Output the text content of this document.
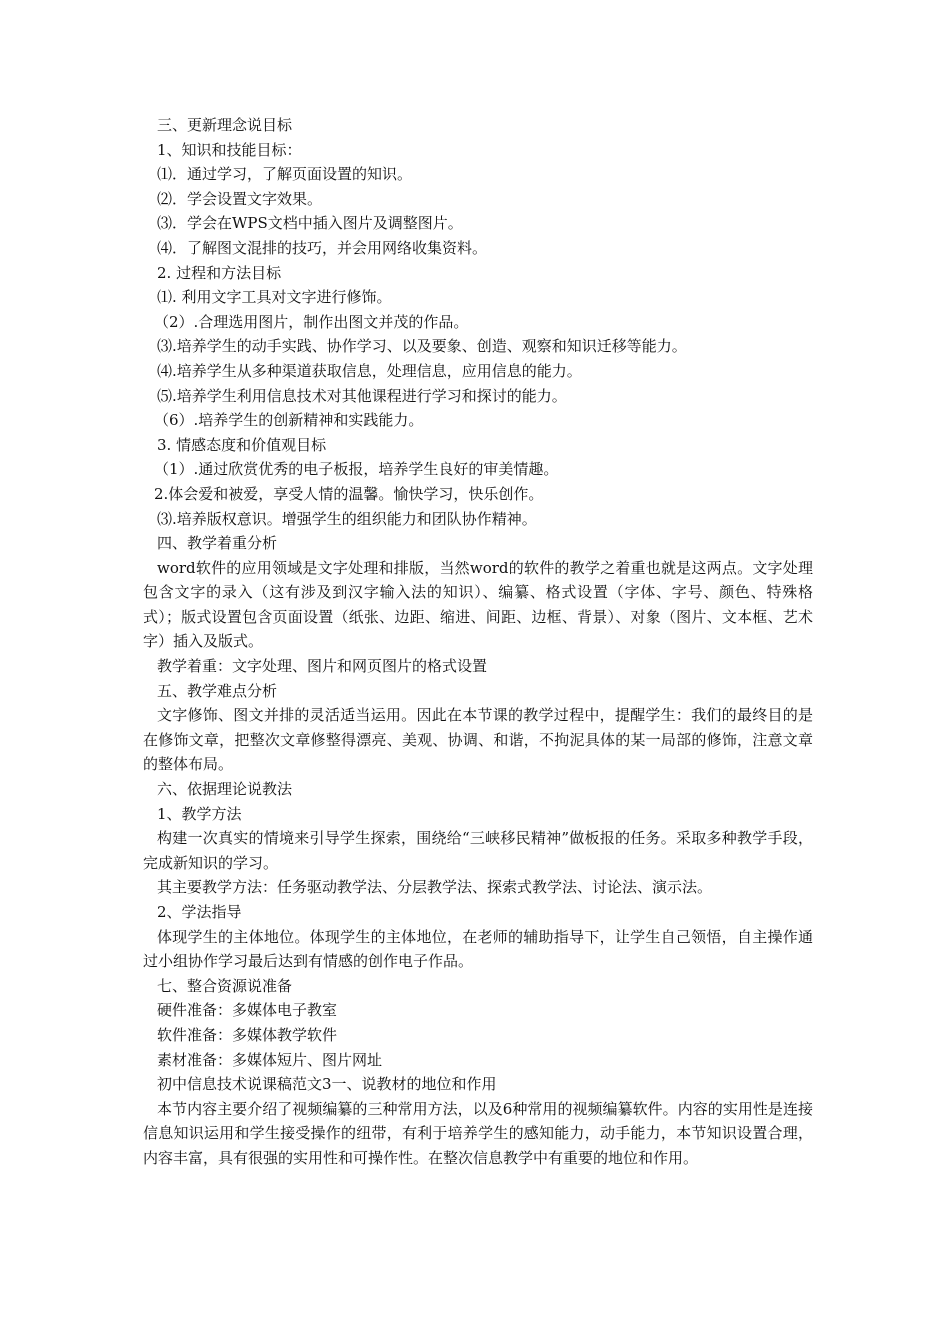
三、更新理念说目标
1、知识和技能目标：
⑴．通过学习，了解页面设置的知识。
⑵．学会设置文字效果。
⑶．学会在WPS文档中插入图片及调整图片。
⑷．了解图文混排的技巧，并会用网络收集资料。
2. 过程和方法目标
⑴. 利用文字工具对文字进行修饰。
（2）.合理选用图片，制作出图文并茂的作品。
⑶.培养学生的动手实践、协作学习、以及要象、创造、观察和知识迁移等能力。
⑷.培养学生从多种渠道获取信息，处理信息，应用信息的能力。
⑸.培养学生利用信息技术对其他课程进行学习和探讨的能力。
（6）.培养学生的创新精神和实践能力。
3. 情感态度和价值观目标
（1）.通过欣赏优秀的电子板报，培养学生良好的审美情趣。
2.体会爱和被爱，享受人情的温馨。愉快学习，快乐创作。
⑶.培养版权意识。增强学生的组织能力和团队协作精神。
四、教学着重分析

word软件的应用领域是文字处理和排版，当然word的软件的教学之着重也就是这两点。文字处理包含文字的录入（这有涉及到汉字输入法的知识）、编纂、格式设置（字体、字号、颜色、特殊格式）；版式设置包含页面设置（纸张、边距、缩进、间距、边框、背景）、对象（图片、文本框、艺术字）插入及版式。

教学着重：文字处理、图片和网页图片的格式设置
五、教学难点分析

文字修饰、图文并排的灵活适当运用。因此在本节课的教学过程中，提醒学生：我们的最终目的是在修饰文章，把整次文章修整得漂亮、美观、协调、和谐，不拘泥具体的某一局部的修饰，注意文章的整体布局。

六、依据理论说教法
1、教学方法

构建一次真实的情境来引导学生探索，围绕给“三峡移民精神”做板报的任务。采取多种教学手段，完成新知识的学习。

其主要教学方法：任务驱动教学法、分层教学法、探索式教学法、讨论法、演示法。
2、学法指导

体现学生的主体地位。体现学生的主体地位，在老师的辅助指导下，让学生自己领悟，自主操作通过小组协作学习最后达到有情感的创作电子作品。

七、整合资源说准备
硬件准备：多媒体电子教室
软件准备：多媒体教学软件
素材准备：多媒体短片、图片网址
初中信息技术说课稿范文3一、说教材的地位和作用

本节内容主要介绍了视频编纂的三种常用方法，以及6种常用的视频编纂软件。内容的实用性是连接信息知识运用和学生接受操作的纽带，有利于培养学生的感知能力，动手能力，本节知识设置合理，内容丰富，具有很强的实用性和可操作性。在整次信息教学中有重要的地位和作用。
